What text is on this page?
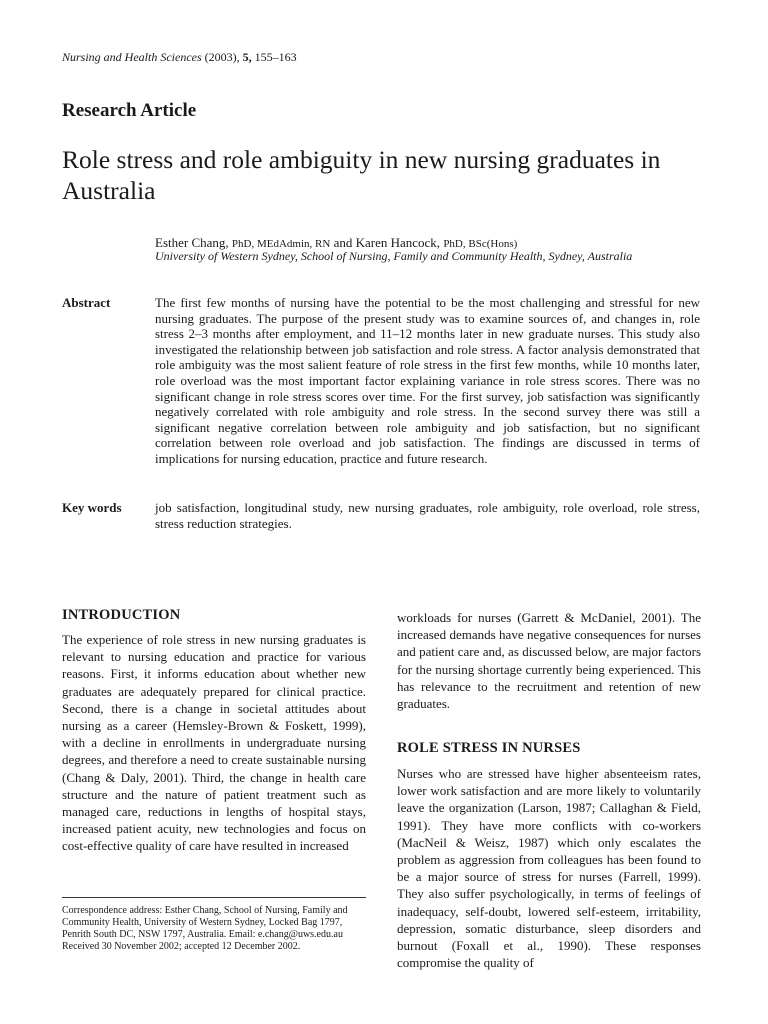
Nursing and Health Sciences (2003), 5, 155–163
Research Article
Role stress and role ambiguity in new nursing graduates in Australia
Esther Chang, PhD, MEdAdmin, RN and Karen Hancock, PhD, BSc(Hons)
University of Western Sydney, School of Nursing, Family and Community Health, Sydney, Australia
Abstract	The first few months of nursing have the potential to be the most challenging and stressful for new nursing graduates. The purpose of the present study was to examine sources of, and changes in, role stress 2–3 months after employment, and 11–12 months later in new graduate nurses. This study also investigated the relationship between job satisfaction and role stress. A factor analysis demonstrated that role ambiguity was the most salient feature of role stress in the first few months, while 10 months later, role overload was the most important factor explaining variance in role stress scores. There was no significant change in role stress scores over time. For the first survey, job satisfaction was significantly negatively correlated with role ambiguity and role stress. In the second survey there was still a significant negative correlation between role ambiguity and job satisfaction, but no significant correlation between role overload and job satisfaction. The findings are discussed in terms of implications for nursing education, practice and future research.

Key words	job satisfaction, longitudinal study, new nursing graduates, role ambiguity, role overload, role stress, stress reduction strategies.

INTRODUCTION

The experience of role stress in new nursing graduates is relevant to nursing education and practice for various reasons. First, it informs education about whether new graduates are adequately prepared for clinical practice. Second, there is a change in societal attitudes about nursing as a career (Hemsley-Brown & Foskett, 1999), with a decline in enrollments in undergraduate nursing degrees, and therefore a need to create sustainable nursing (Chang & Daly, 2001). Third, the change in health care structure and the nature of patient treatment such as managed care, reductions in lengths of hospital stays, increased patient acuity, new technologies and focus on cost-effective quality of care have resulted in increased

workloads for nurses (Garrett & McDaniel, 2001). The increased demands have negative consequences for nurses and patient care and, as discussed below, are major factors for the nursing shortage currently being experienced. This has relevance to the recruitment and retention of new graduates.

ROLE STRESS IN NURSES

Nurses who are stressed have higher absenteeism rates, lower work satisfaction and are more likely to voluntarily leave the organization (Larson, 1987; Callaghan & Field, 1991). They have more conflicts with co-workers (MacNeil & Weisz, 1987) which only escalates the problem as aggression from colleagues has been found to be a major source of stress for nurses (Farrell, 1999). They also suffer psychologically, in terms of feelings of inadequacy, self-doubt, lowered self-esteem, irritability, depression, somatic disturbance, sleep disorders and burnout (Foxall et al., 1990). These responses compromise the quality of

Correspondence address: Esther Chang, School of Nursing, Family and Community Health, University of Western Sydney, Locked Bag 1797, Penrith South DC, NSW 1797, Australia. Email: e.chang@uws.edu.au
Received 30 November 2002; accepted 12 December 2002.
